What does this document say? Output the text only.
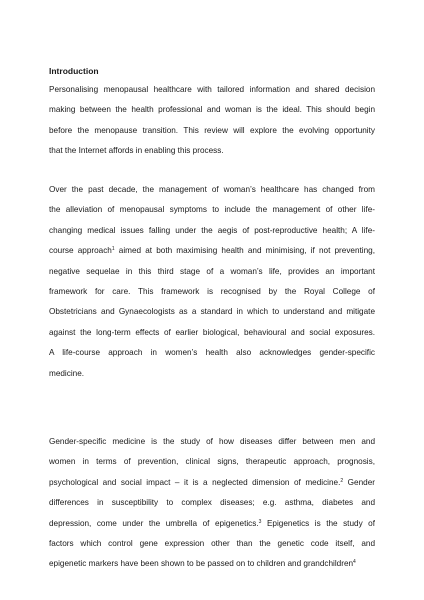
Introduction
Personalising menopausal healthcare with tailored information and shared decision
making between the health professional and woman is the ideal. This should begin
before the menopause transition. This review will explore the evolving opportunity
that the Internet affords in enabling this process.
Over the past decade, the management of woman’s healthcare has changed from
the alleviation of menopausal symptoms to include the management of other life-
changing medical issues falling under the aegis of post-reproductive health; A life-
course approach$^1$ aimed at both maximising health and minimising, if not preventing,
negative sequelae in this third stage of a woman’s life, provides an important
framework for care. This framework is recognised by the Royal College of
Obstetricians and Gynaecologists as a standard in which to understand and mitigate
against the long-term effects of earlier biological, behavioural and social exposures.
A life-course approach in women’s health also acknowledges gender-specific
medicine.
Gender-specific medicine is the study of how diseases differ between men and
women in terms of prevention, clinical signs, therapeutic approach, prognosis,
psychological and social impact – it is a neglected dimension of medicine.$^2$ Gender
differences in susceptibility to complex diseases; e.g. asthma, diabetes and
depression, come under the umbrella of epigenetics.$^3$ Epigenetics is the study of
factors which control gene expression other than the genetic code itself, and
epigenetic markers have been shown to be passed on to children and grandchildren$^4$
